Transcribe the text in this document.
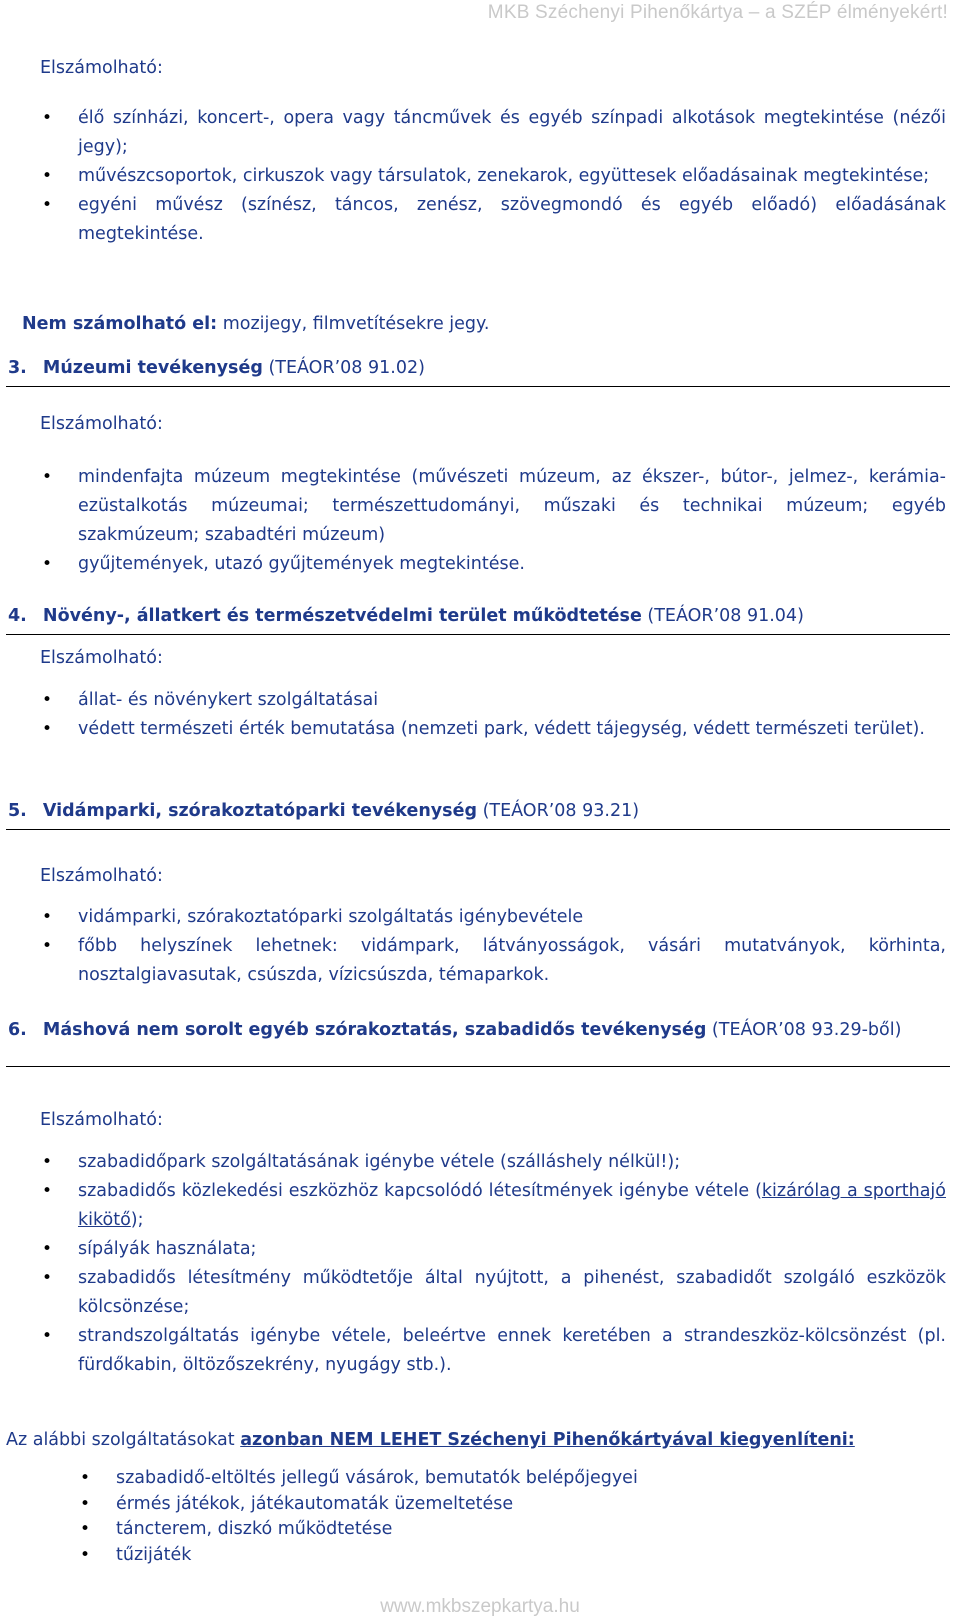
MKB Széchenyi Pihenőkártya – a SZÉP élményekért!
Elszámolható:
• élő színházi, koncert-, opera vagy táncművek és egyéb színpadi alkotások megtekintése (nézői jegy);
• művészcsoportok, cirkuszok vagy társulatok, zenekarok, együttesek előadásainak megtekintése;
• egyéni művész (színész, táncos, zenész, szövegmondó és egyéb előadó) előadásának megtekintése.
Nem számolható el: mozijegy, filmvetítésekre jegy.
3. Múzeumi tevékenység (TEÁOR’08 91.02)
Elszámolható:
• mindenfajta múzeum megtekintése (művészeti múzeum, az ékszer-, bútor-, jelmez-, kerámia-ezüstalkotás múzeumai; természettudományi, műszaki és technikai múzeum; egyéb szakmúzeum; szabadtéri múzeum)
• gyűjtemények, utazó gyűjtemények megtekintése.
4. Növény-, állatkert és természetvédelmi terület működtetése (TEÁOR’08 91.04)
Elszámolható:
• állat- és növénykert szolgáltatásai
• védett természeti érték bemutatása (nemzeti park, védett tájegység, védett természeti terület).
5. Vidámparki, szórakoztatóparki tevékenység (TEÁOR’08 93.21)
Elszámolható:
• vidámparki, szórakoztatóparki szolgáltatás igénybevétele
• főbb helyszínek lehetnek: vidámpark, látványosságok, vásári mutatványok, körhinta, nosztalgiavasutak, csúszda, vízicsúszda, témaparkok.
6. Máshová nem sorolt egyéb szórakoztatás, szabadidős tevékenység (TEÁOR’08 93.29-ből)
Elszámolható:
• szabadidőpark szolgáltatásának igénybe vétele (szálláshely nélkül!);
• szabadidős közlekedési eszközhöz kapcsolódó létesítmények igénybe vétele (kizárólag a sporthajó kikötő);
• sípályák használata;
• szabadidős létesítmény működtetője által nyújtott, a pihenést, szabadidőt szolgáló eszközök kölcsönzése;
• strandszolgáltatás igénybe vétele, beleértve ennek keretében a strandeszköz-kölcsönzést (pl. fürdőkabin, öltözőszekrény, nyugágy stb.).
Az alábbi szolgáltatásokat azonban NEM LEHET Széchenyi Pihenőkártyával kiegyenlíteni:
• szabadidő-eltöltés jellegű vásárok, bemutatók belépőjegyei
• érmés játékok, játékautomaták üzemeltetése
• táncterem, diszkó működtetése
• tűzijáték
www.mkbszepkartya.hu
